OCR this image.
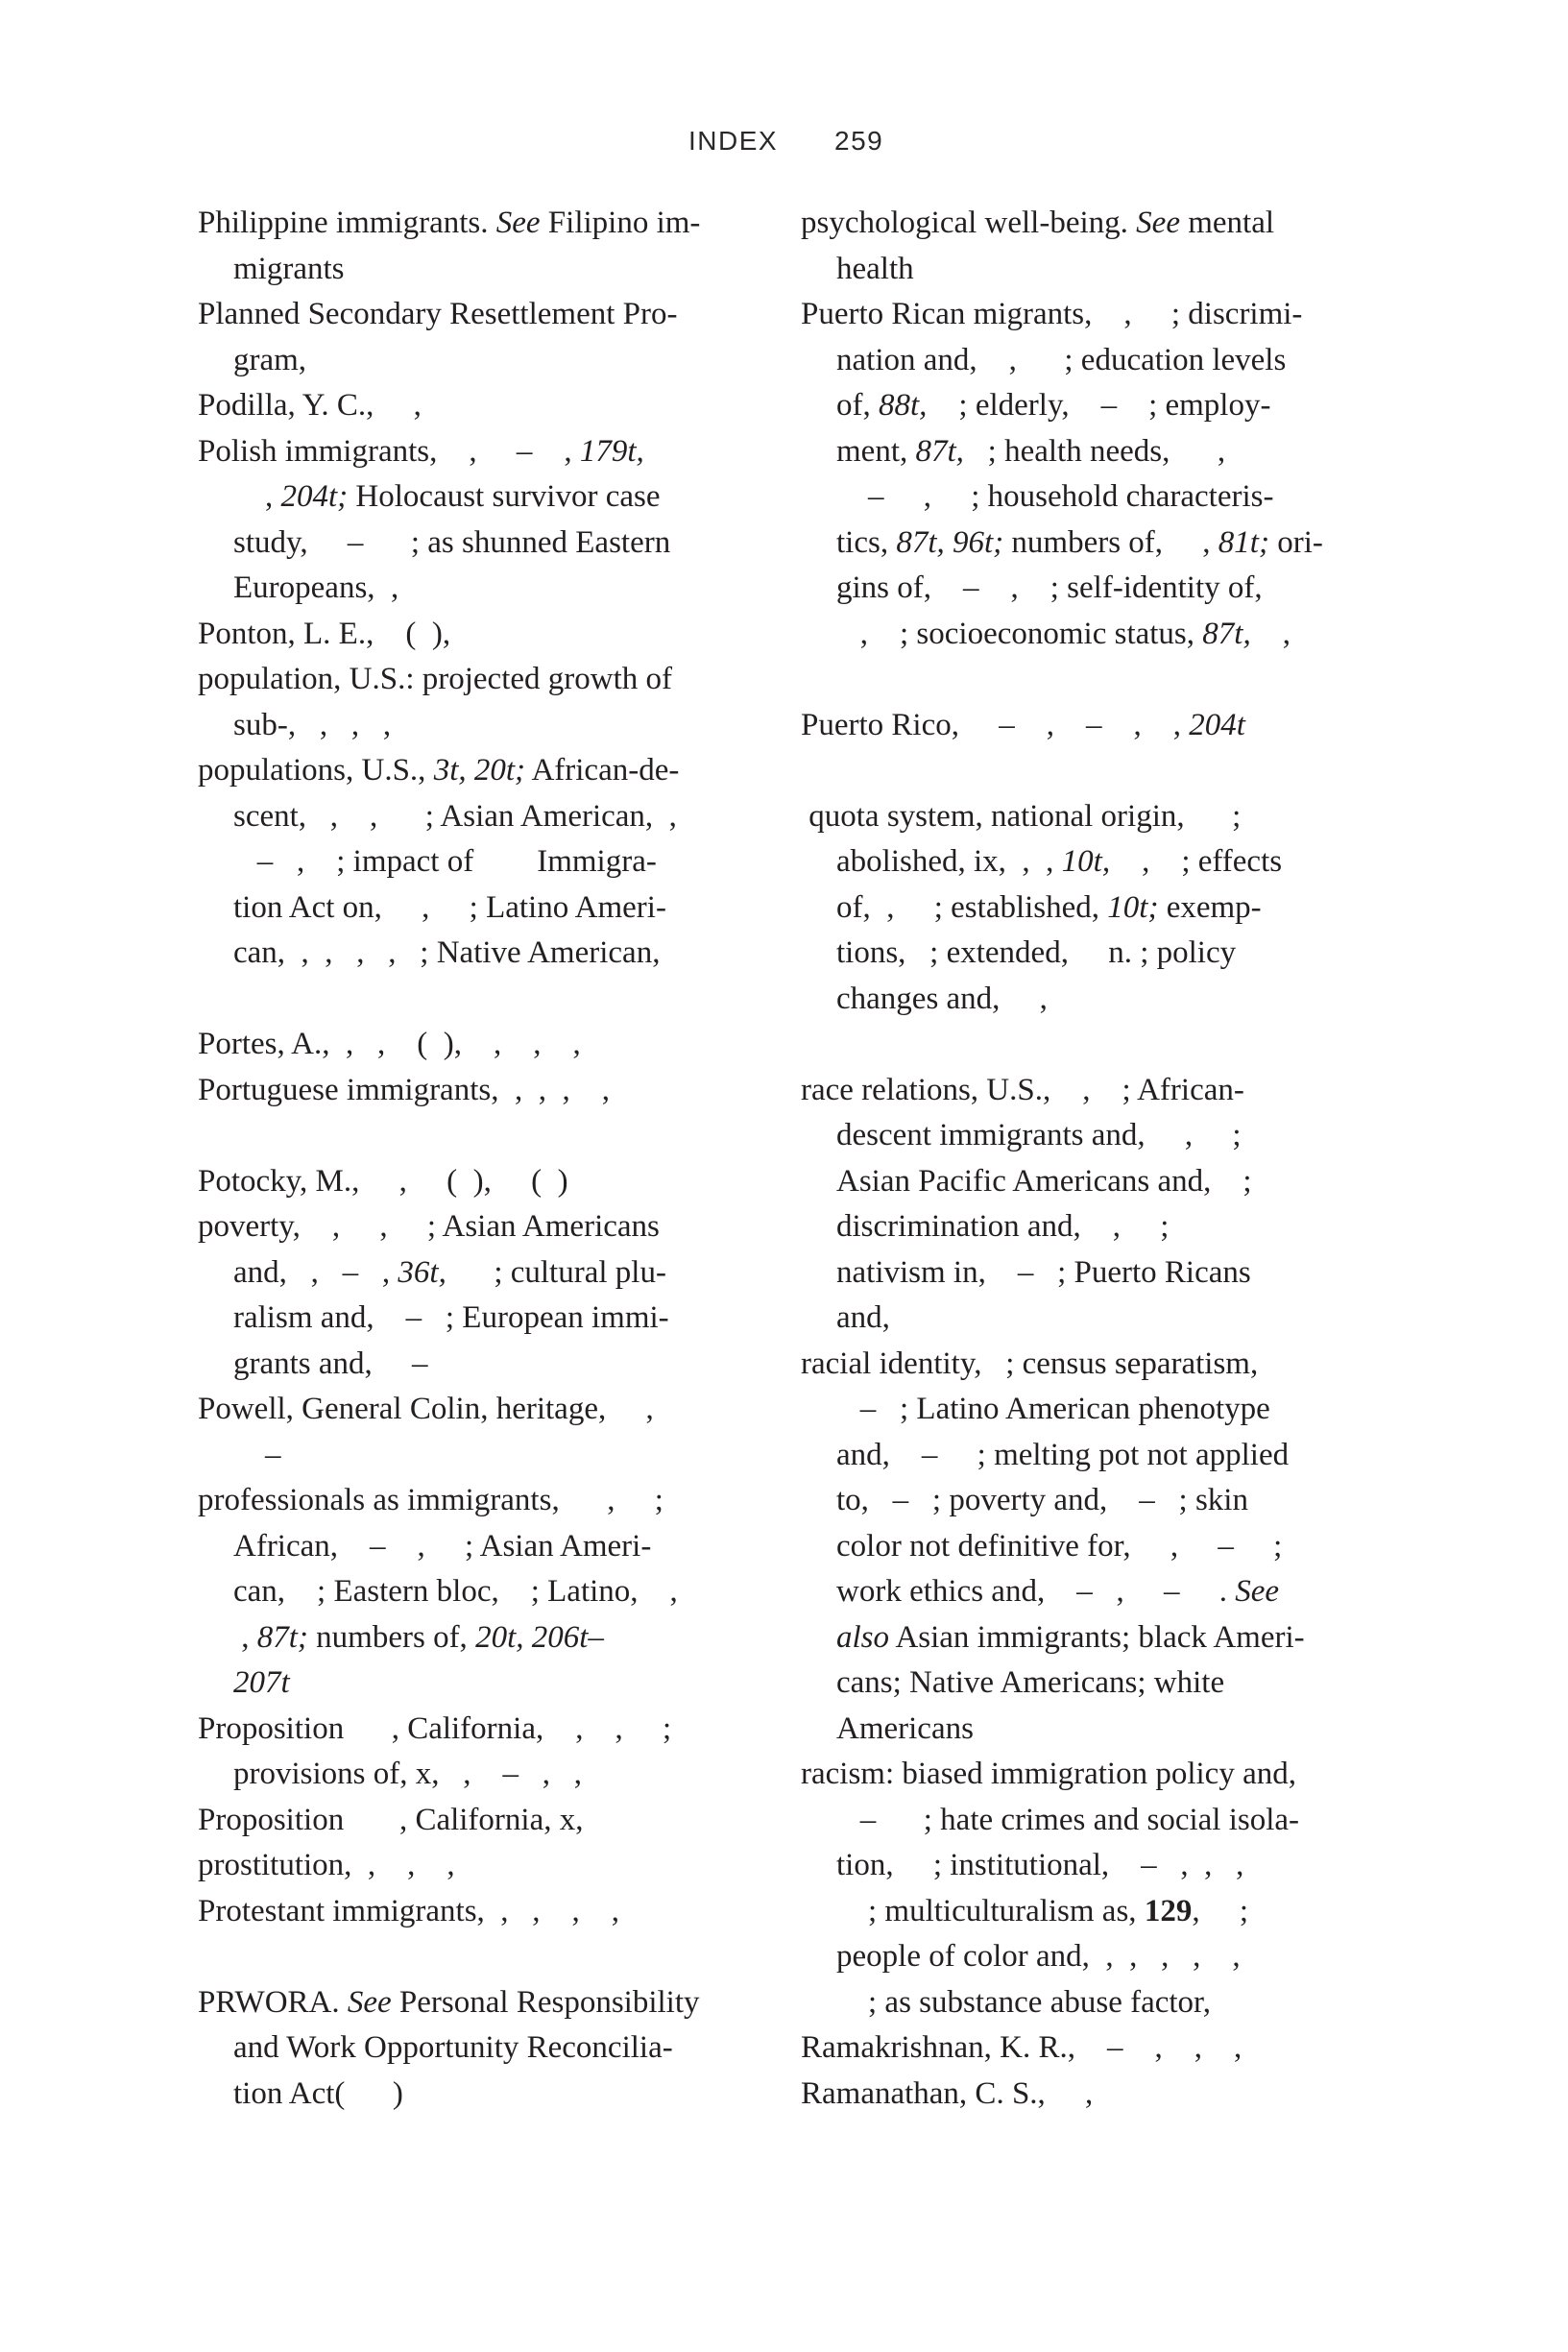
INDEX 259
Philippine immigrants. See Filipino im-
migrants
Planned Secondary Resettlement Pro-
gram,
Podilla, Y. C.,     ,
Polish immigrants,    ,     –    , 179t,
, 204t; Holocaust survivor case
study,     –      ; as shunned Eastern
Europeans,  ,
Ponton, L. E.,    (  ),
population, U.S.: projected growth of
sub-,   ,   ,   ,
populations, U.S., 3t, 20t; African-de-
scent,   ,    ,      ; Asian American,  ,
–   ,    ; impact of        Immigra-
tion Act on,     ,     ; Latino Ameri-
can,  ,  ,   ,   ,   ; Native American,
Portes, A.,  ,   ,    (  ),    ,    ,    ,
Portuguese immigrants,  ,  ,  ,    ,
Potocky, M.,     ,     (  ),     (  )
poverty,    ,     ,     ; Asian Americans
and,   ,   –   , 36t,      ; cultural plu-
ralism and,    –   ; European immi-
grants and,     –
Powell, General Colin, heritage,     ,
–
professionals as immigrants,      ,     ;
African,    –    ,     ; Asian Ameri-
can,    ; Eastern bloc,    ; Latino,    ,
, 87t; numbers of, 20t, 206t–
207t
Proposition      , California,    ,    ,     ;
provisions of, x,   ,    –   ,   ,
Proposition       , California, x,
prostitution,  ,    ,    ,
Protestant immigrants,  ,   ,    ,    ,
PRWORA. See Personal Responsibility
and Work Opportunity Reconcilia-
tion Act(      )
psychological well-being. See mental
health
Puerto Rican migrants,    ,     ; discrimi-
nation and,    ,      ; education levels
of, 88t,    ; elderly,    –    ; employ-
ment, 87t,   ; health needs,      ,
–     ,     ; household characteris-
tics, 87t, 96t; numbers of,     , 81t; ori-
gins of,    –    ,    ; self-identity of,
,    ; socioeconomic status, 87t,    ,
Puerto Rico,     –    ,    –    ,    , 204t
quota system, national origin,      ;
abolished, ix,  ,  , 10t,    ,    ; effects
of,  ,     ; established, 10t; exemp-
tions,   ; extended,     n. ; policy
changes and,     ,
race relations, U.S.,    ,    ; African-
descent immigrants and,     ,     ;
Asian Pacific Americans and,    ;
discrimination and,    ,     ;
nativism in,    –   ; Puerto Ricans
and,
racial identity,   ; census separatism,
–   ; Latino American phenotype
and,    –     ; melting pot not applied
to,   –   ; poverty and,    –   ; skin
color not definitive for,     ,     –     ;
work ethics and,    –   ,     –     . See
also Asian immigrants; black Ameri-
cans; Native Americans; white
Americans
racism: biased immigration policy and,
–      ; hate crimes and social isola-
tion,     ; institutional,    –   ,  ,   ,
; multiculturalism as, 129,     ;
people of color and,  ,  ,   ,   ,    ,
; as substance abuse factor,
Ramakrishnan, K. R.,    –    ,    ,    ,
Ramanathan, C. S.,     ,
